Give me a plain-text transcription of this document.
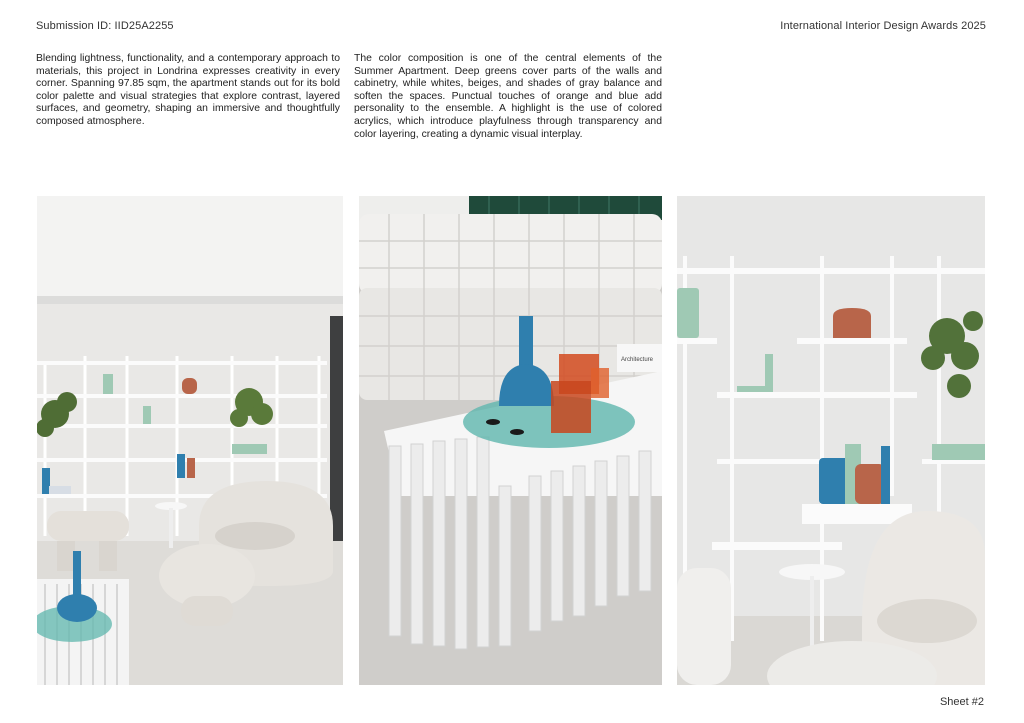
Submission ID: IID25A2255	International Interior Design Awards 2025
Blending lightness, functionality, and a contemporary approach to materials, this project in Londrina expresses creativity in every corner. Spanning 97.85 sqm, the apartment stands out for its bold color palette and visual strategies that explore contrast, layered surfaces, and geometry, shaping an immersive and thoughtfully composed atmosphere.
The color composition is one of the central elements of the Summer Apartment. Deep greens cover parts of the walls and cabinetry, while whites, beiges, and shades of gray balance and soften the spaces. Punctual touches of orange and blue add personality to the ensemble. A highlight is the use of colored acrylics, which introduce playfulness through transparency and color layering, creating a dynamic visual interplay.
Architecture
Sheet #2
